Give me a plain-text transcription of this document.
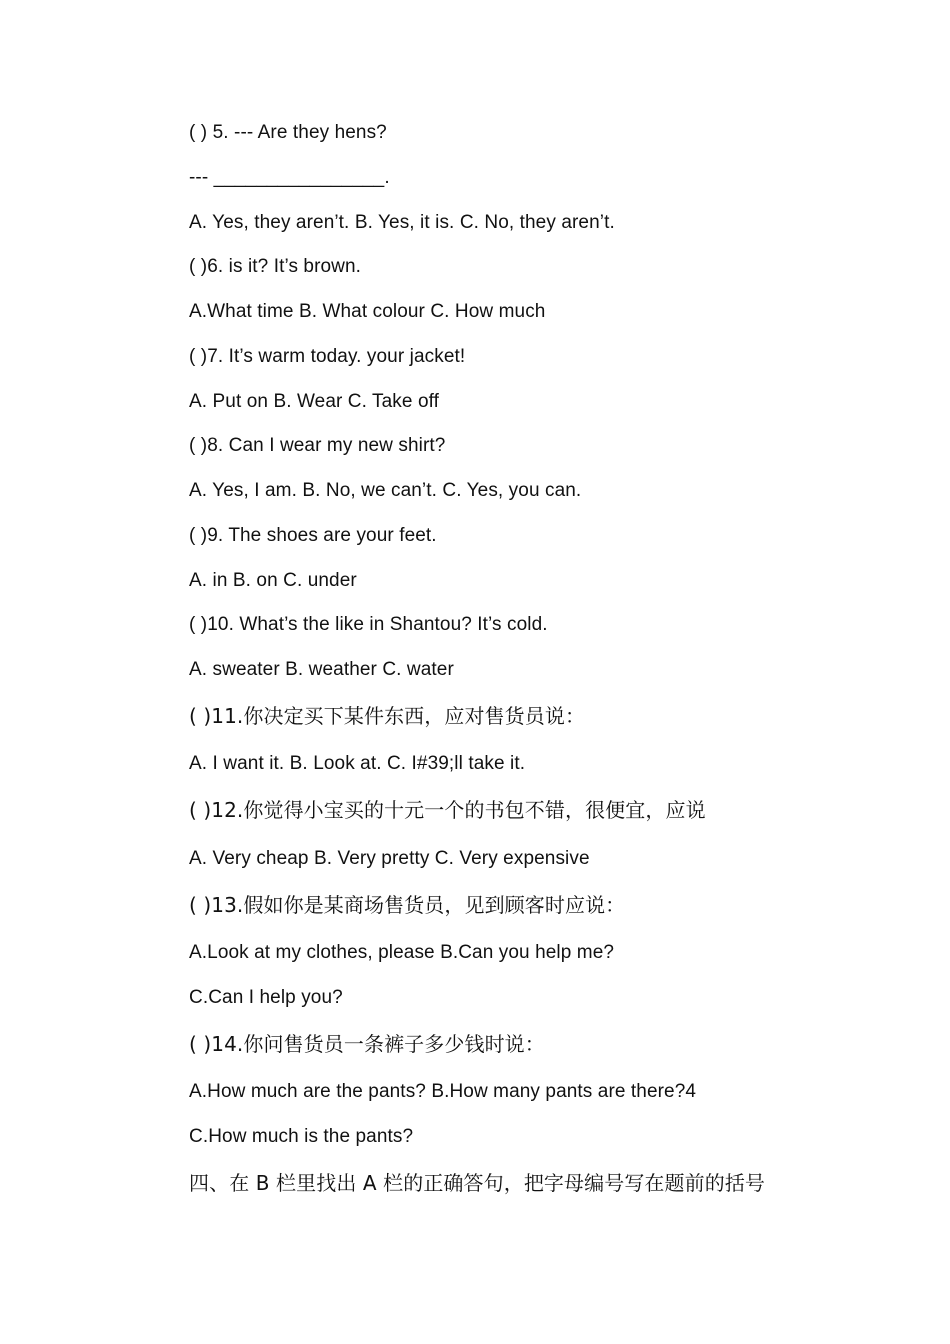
( ) 5. --- Are they hens?
--- ________________.
A. Yes, they aren’t. B. Yes, it is. C. No, they aren’t.
( )6. is it? It’s brown.
A.What time B. What colour C. How much
( )7. It’s warm today. your jacket!
A. Put on B. Wear C. Take off
( )8. Can I wear my new shirt?
A. Yes, I am. B. No, we can’t. C. Yes, you can.
( )9. The shoes are your feet.
A. in B. on C. under
( )10. What’s the like in Shantou? It’s cold.
A. sweater B. weather C. water
( )11.你决定买下某件东西，应对售货员说：
A. I want it. B. Look at. C. I#39;ll take it.
( )12.你觉得小宝买的十元一个的书包不错，很便宜，应说
A. Very cheap B. Very pretty C. Very expensive
( )13.假如你是某商场售货员，见到顾客时应说：
A.Look at my clothes, please B.Can you help me?
C.Can I help you?
( )14.你问售货员一条裤子多少钱时说：
A.How much are the pants? B.How many pants are there?4
C.How much is the pants?
四、在 B 栏里找出 A 栏的正确答句，把字母编号写在题前的括号
